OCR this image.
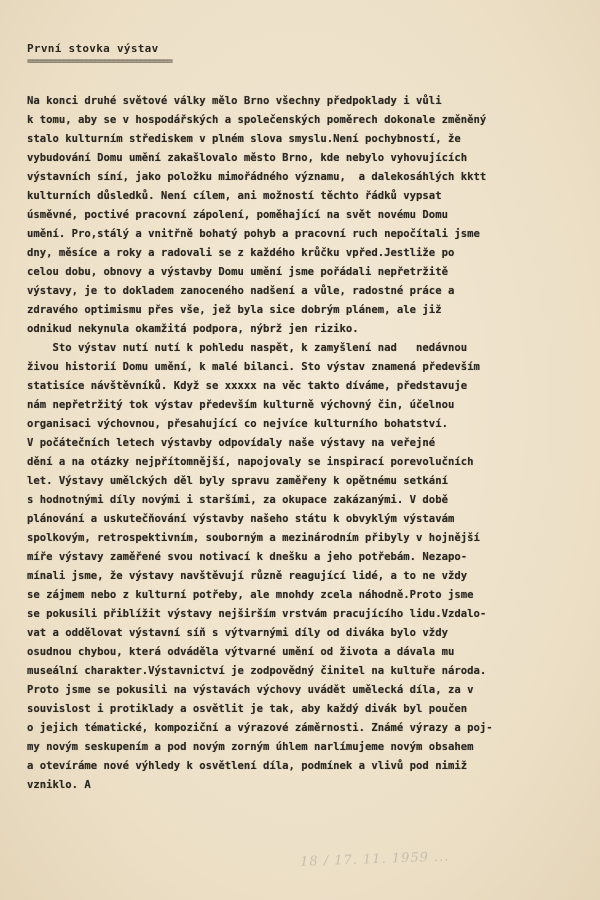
První stovka výstav
================================
Na konci druhé světové války mělo Brno všechny předpoklady i vůli
k tomu, aby se v hospodářských a společenských poměrech dokonale změněný
stalo kulturním střediskem v plném slova smyslu.Není pochybností, že
vybudování Domu umění zakašlovalo město Brno, kde nebylo vyhovujících
výstavních síní, jako položku mimořádného významu,  a dalekosáhlých kktt
kulturních důsledků. Není cílem, ani možností těchto řádků vypsat
úsměvné, poctivé pracovní zápolení, poměhající na svět novému Domu
umění. Pro,stálý a vnitřně bohatý pohyb a pracovní ruch nepočítali jsme
dny, měsíce a roky a radovali se z každého krůčku vpřed.Jestliže po
celou dobu, obnovy a výstavby Domu umění jsme pořádali nepřetržitě
výstavy, je to dokladem zanoceného nadšení a vůle, radostné práce a
zdravého optimismu přes vše, jež byla sice dobrým plánem, ale již
odnikud nekynula okamžitá podpora, nýbrž jen riziko.
Sto výstav nutí nutí k pohledu naspět, k zamyšlení nad   nedávnou
živou historií Domu umění, k malé bilanci. Sto výstav znamená především
statisíce návštěvníků. Když se xxxxx na věc takto díváme, představuje
nám nepřetržitý tok výstav především kulturně výchovný čin, účelnou
organisaci výchovnou, přesahující co nejvíce kulturního bohatství.
V počátečních letech výstavby odpovídaly naše výstavy na veřejné
dění a na otázky nejpřítomnější, napojovaly se inspirací porevolučních
let. Výstavy umělckých děl byly spravu zaměřeny k opětnému setkání
s hodnotnými díly novými i staršími, za okupace zakázanými. V době
plánování a uskutečňování výstavby našeho státu k obvyklým výstavám
spolkovým, retrospektivním, souborným a mezinárodním přibyly v hojnější
míře výstavy zaměřené svou notivací k dnešku a jeho potřebám. Nezapo-
mínali jsme, že výstavy navštěvují různě reagující lidé, a to ne vždy
se zájmem nebo z kulturní potřeby, ale mnohdy zcela náhodně.Proto jsme
se pokusili přiblížit výstavy nejširším vrstvám pracujícího lidu.Vzdalo-
vat a oddělovat výstavní síň s výtvarnými díly od diváka bylo vždy
osudnou chybou, která odváděla výtvarné umění od života a dávala mu
museální charakter.Výstavnictví je zodpovědný činitel na kultuře národa.
Proto jsme se pokusili na výstavách výchovy uvádět umělecká díla, za v
souvislost i protiklady a osvětlit je tak, aby každý divák byl poučen
o jejich tématické, kompoziční a výrazové záměrnosti. Známé výrazy a poj-
my novým seskupením a pod novým zorným úhlem narlímujeme novým obsahem
a otevíráme nové výhledy k osvětlení díla, podmínek a vlivů pod nimiž
vzniklo. A
18 / 17. 11. 1959 ...
